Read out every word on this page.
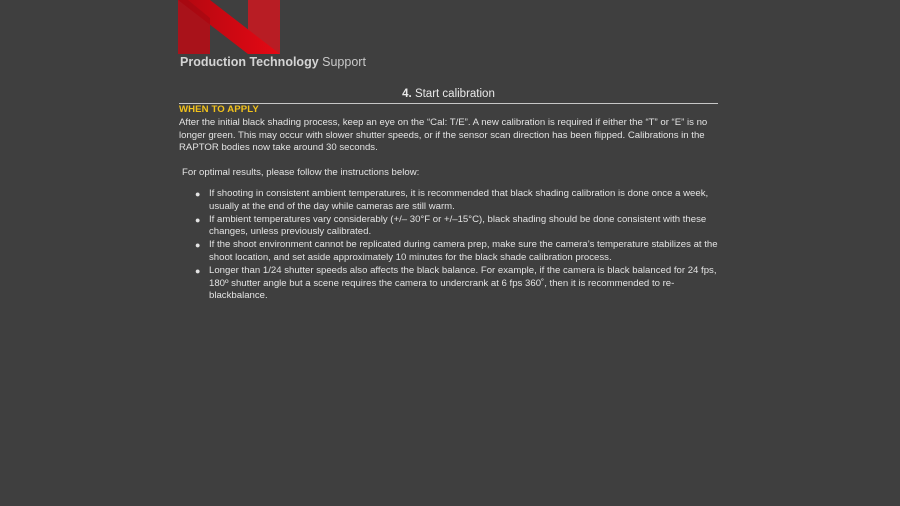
Production Technology Support
4. Start calibration
WHEN TO APPLY

After the initial black shading process, keep an eye on the “Cal: T/E”. A new calibration is required if either the “T” or “E” is no longer green. This may occur with slower shutter speeds, or if the sensor scan direction has been flipped. Calibrations in the RAPTOR bodies now take around 30 seconds.

For optimal results, please follow the instructions below:
● If shooting in consistent ambient temperatures, it is recommended that black shading calibration is done once a week, usually at the end of the day while cameras are still warm.
● If ambient temperatures vary considerably (+/– 30°F or +/–15°C), black shading should be done consistent with these changes, unless previously calibrated.
● If the shoot environment cannot be replicated during camera prep, make sure the camera’s temperature stabilizes at the shoot location, and set aside approximately 10 minutes for the black shade calibration process.
● Longer than 1/24 shutter speeds also affects the black balance. For example, if the camera is black balanced for 24 fps, 180º shutter angle but a scene requires the camera to undercrank at 6 fps 360˚, then it is recommended to re-blackbalance.
